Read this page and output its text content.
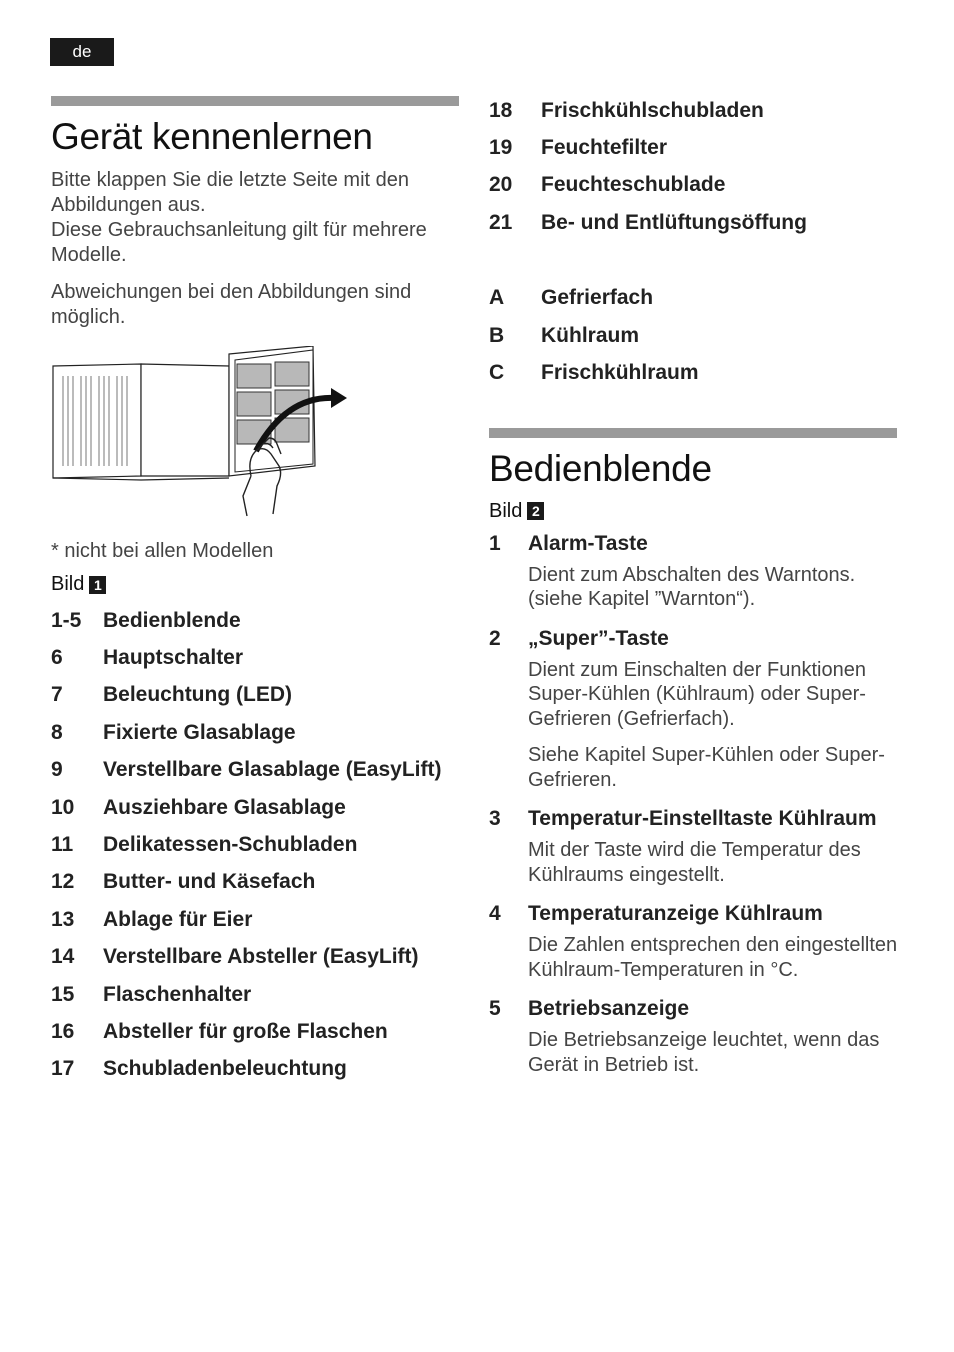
de
Gerät kennenlernen

Bitte klappen Sie die letzte Seite mit den Abbildungen aus.

Diese Gebrauchsanleitung gilt für mehrere Modelle.

Abweichungen bei den Abbildungen sind möglich.

* nicht bei allen Modellen
Bild 1
1-5	Bedienblende
6	Hauptschalter
7	Beleuchtung (LED)
8	Fixierte Glasablage
9	Verstellbare Glasablage (EasyLift)
10	Ausziehbare Glasablage
11	Delikatessen-Schubladen
12	Butter- und Käsefach
13	Ablage für Eier
14	Verstellbare Absteller (EasyLift)
15	Flaschenhalter
16	Absteller für große Flaschen
17	Schubladenbeleuchtung
18	Frischkühlschubladen
19	Feuchtefilter
20	Feuchteschublade
21	Be- und Entlüftungsöffung
A	Gefrierfach
B	Kühlraum
C	Frischkühlraum
Bedienblende
Bild 2
1	Alarm-Taste
Dient zum Abschalten des Warntons. (siehe Kapitel ”Warnton“).
2	„Super”-Taste
Dient zum Einschalten der Funktionen Super-Kühlen (Kühlraum) oder Super-Gefrieren (Gefrierfach).
Siehe Kapitel Super-Kühlen oder Super-Gefrieren.
3	Temperatur-Einstelltaste Kühlraum
Mit der Taste wird die Temperatur des Kühlraums eingestellt.
4	Temperaturanzeige Kühlraum
Die Zahlen entsprechen den eingestellten Kühlraum-Temperaturen in °C.
5	Betriebsanzeige
Die Betriebsanzeige leuchtet, wenn das Gerät in Betrieb ist.
